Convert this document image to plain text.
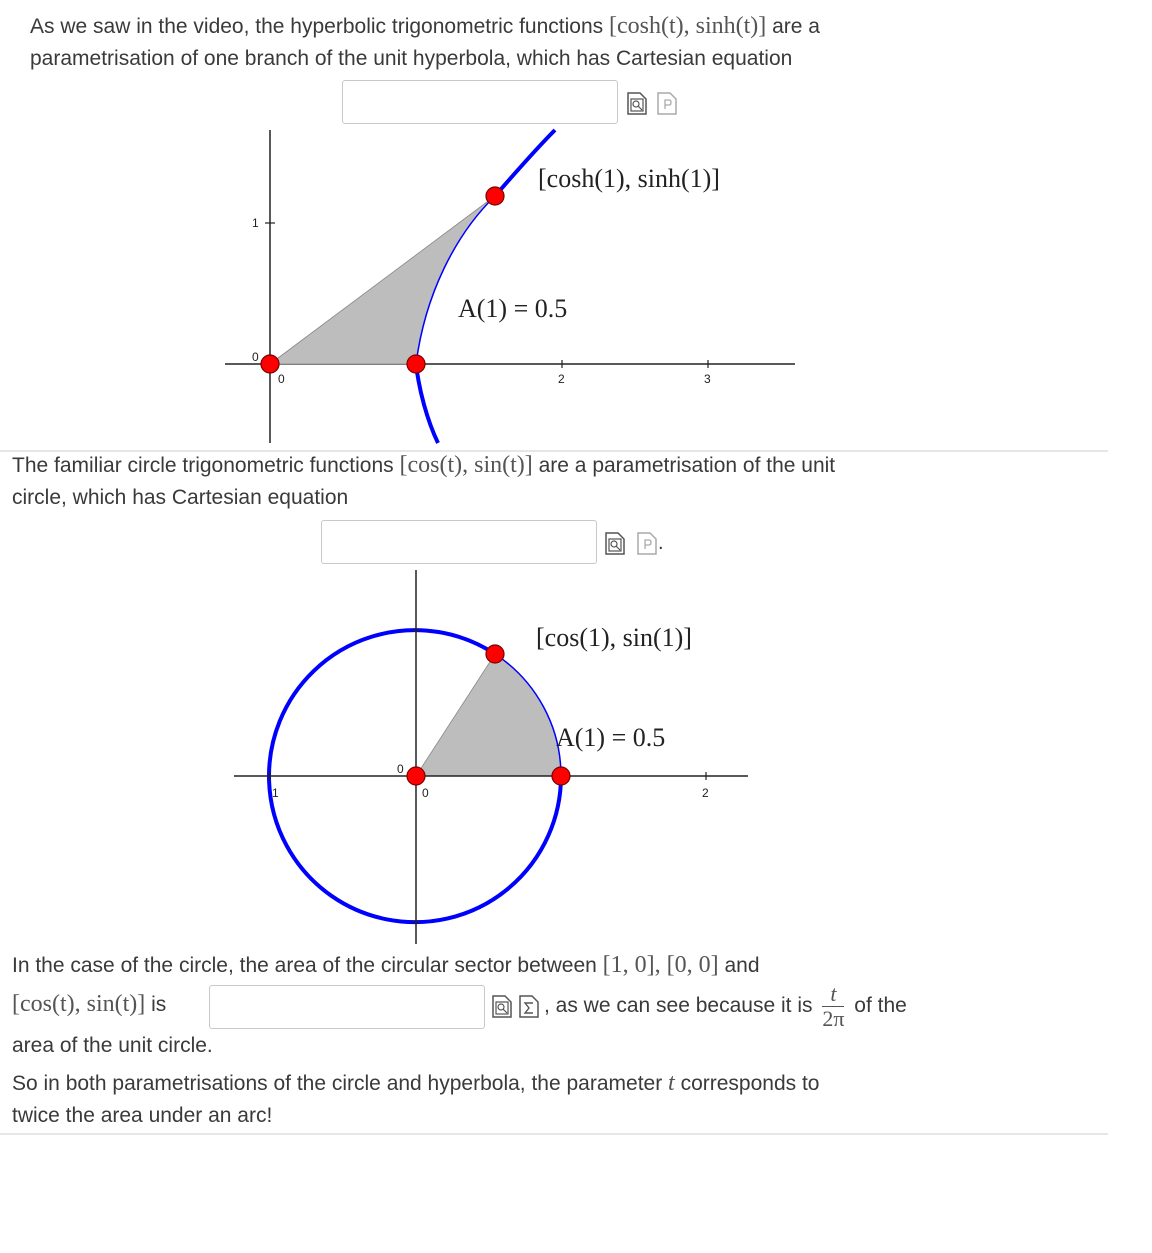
As we saw in the video, the hyperbolic trigonometric functions [cosh(t), sinh(t)] are a
parametrisation of one branch of the unit hyperbola, which has Cartesian equation
1
0
0	2	3
[cosh(1), sinh(1)]
A(1) = 0.5
The familiar circle trigonometric functions [cos(t), sin(t)] are a parametrisation of the unit
circle, which has Cartesian equation
.
0
0	2
1
[cos(1), sin(1)]
A(1) = 0.5
In the case of the circle, the area of the circular sector between [1, 0], [0, 0] and
[cos(t), sin(t)] is	, as we can see because it is $\frac{t}{2\pi}$ of the
area of the unit circle.
So in both parametrisations of the circle and hyperbola, the parameter t corresponds to
twice the area under an arc!
